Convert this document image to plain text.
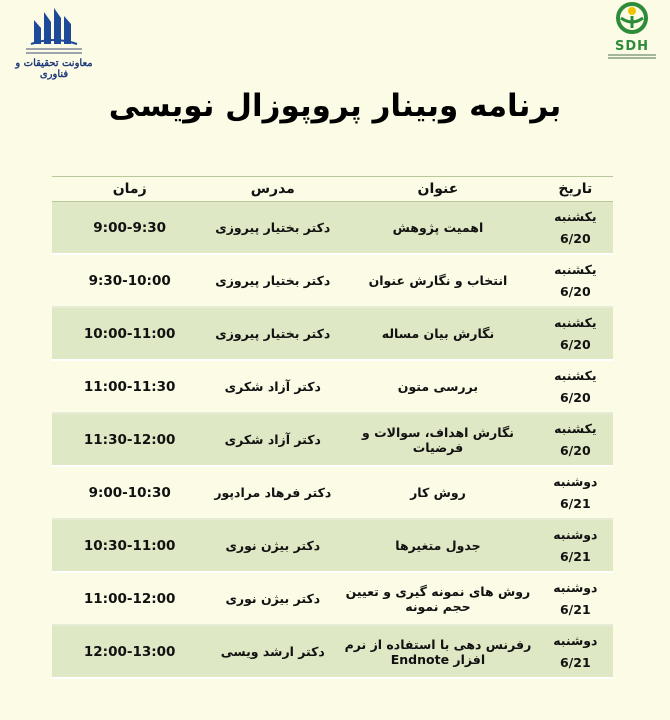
معاونت تحقیقات و فناوری
SDH
برنامه وبینار پروپوزال نویسی
تاریخ	عنوان	مدرس	زمان

یکشنبه
6/20	اهمیت پژوهش	دکتر بختیار پیروزی	9:00-9:30

یکشنبه
6/20	انتخاب و نگارش عنوان	دکتر بختیار پیروزی	9:30-10:00

یکشنبه
6/20	نگارش بیان مساله	دکتر بختیار پیروزی	10:00-11:00

یکشنبه
6/20	بررسی متون	دکتر آزاد شکری	11:00-11:30

یکشنبه
6/20	نگارش اهداف، سوالات و فرضیات	دکتر آزاد شکری	11:30-12:00

دوشنبه
6/21	روش کار	دکتر فرهاد مرادپور	9:00-10:30

دوشنبه
6/21	جدول متغیرها	دکتر بیژن نوری	10:30-11:00

دوشنبه
6/21	روش های نمونه گیری و تعیین حجم نمونه	دکتر بیژن نوری	11:00-12:00

دوشنبه
6/21	رفرنس دهی با استفاده از نرم افزار Endnote	دکتر ارشد ویسی	12:00-13:00
